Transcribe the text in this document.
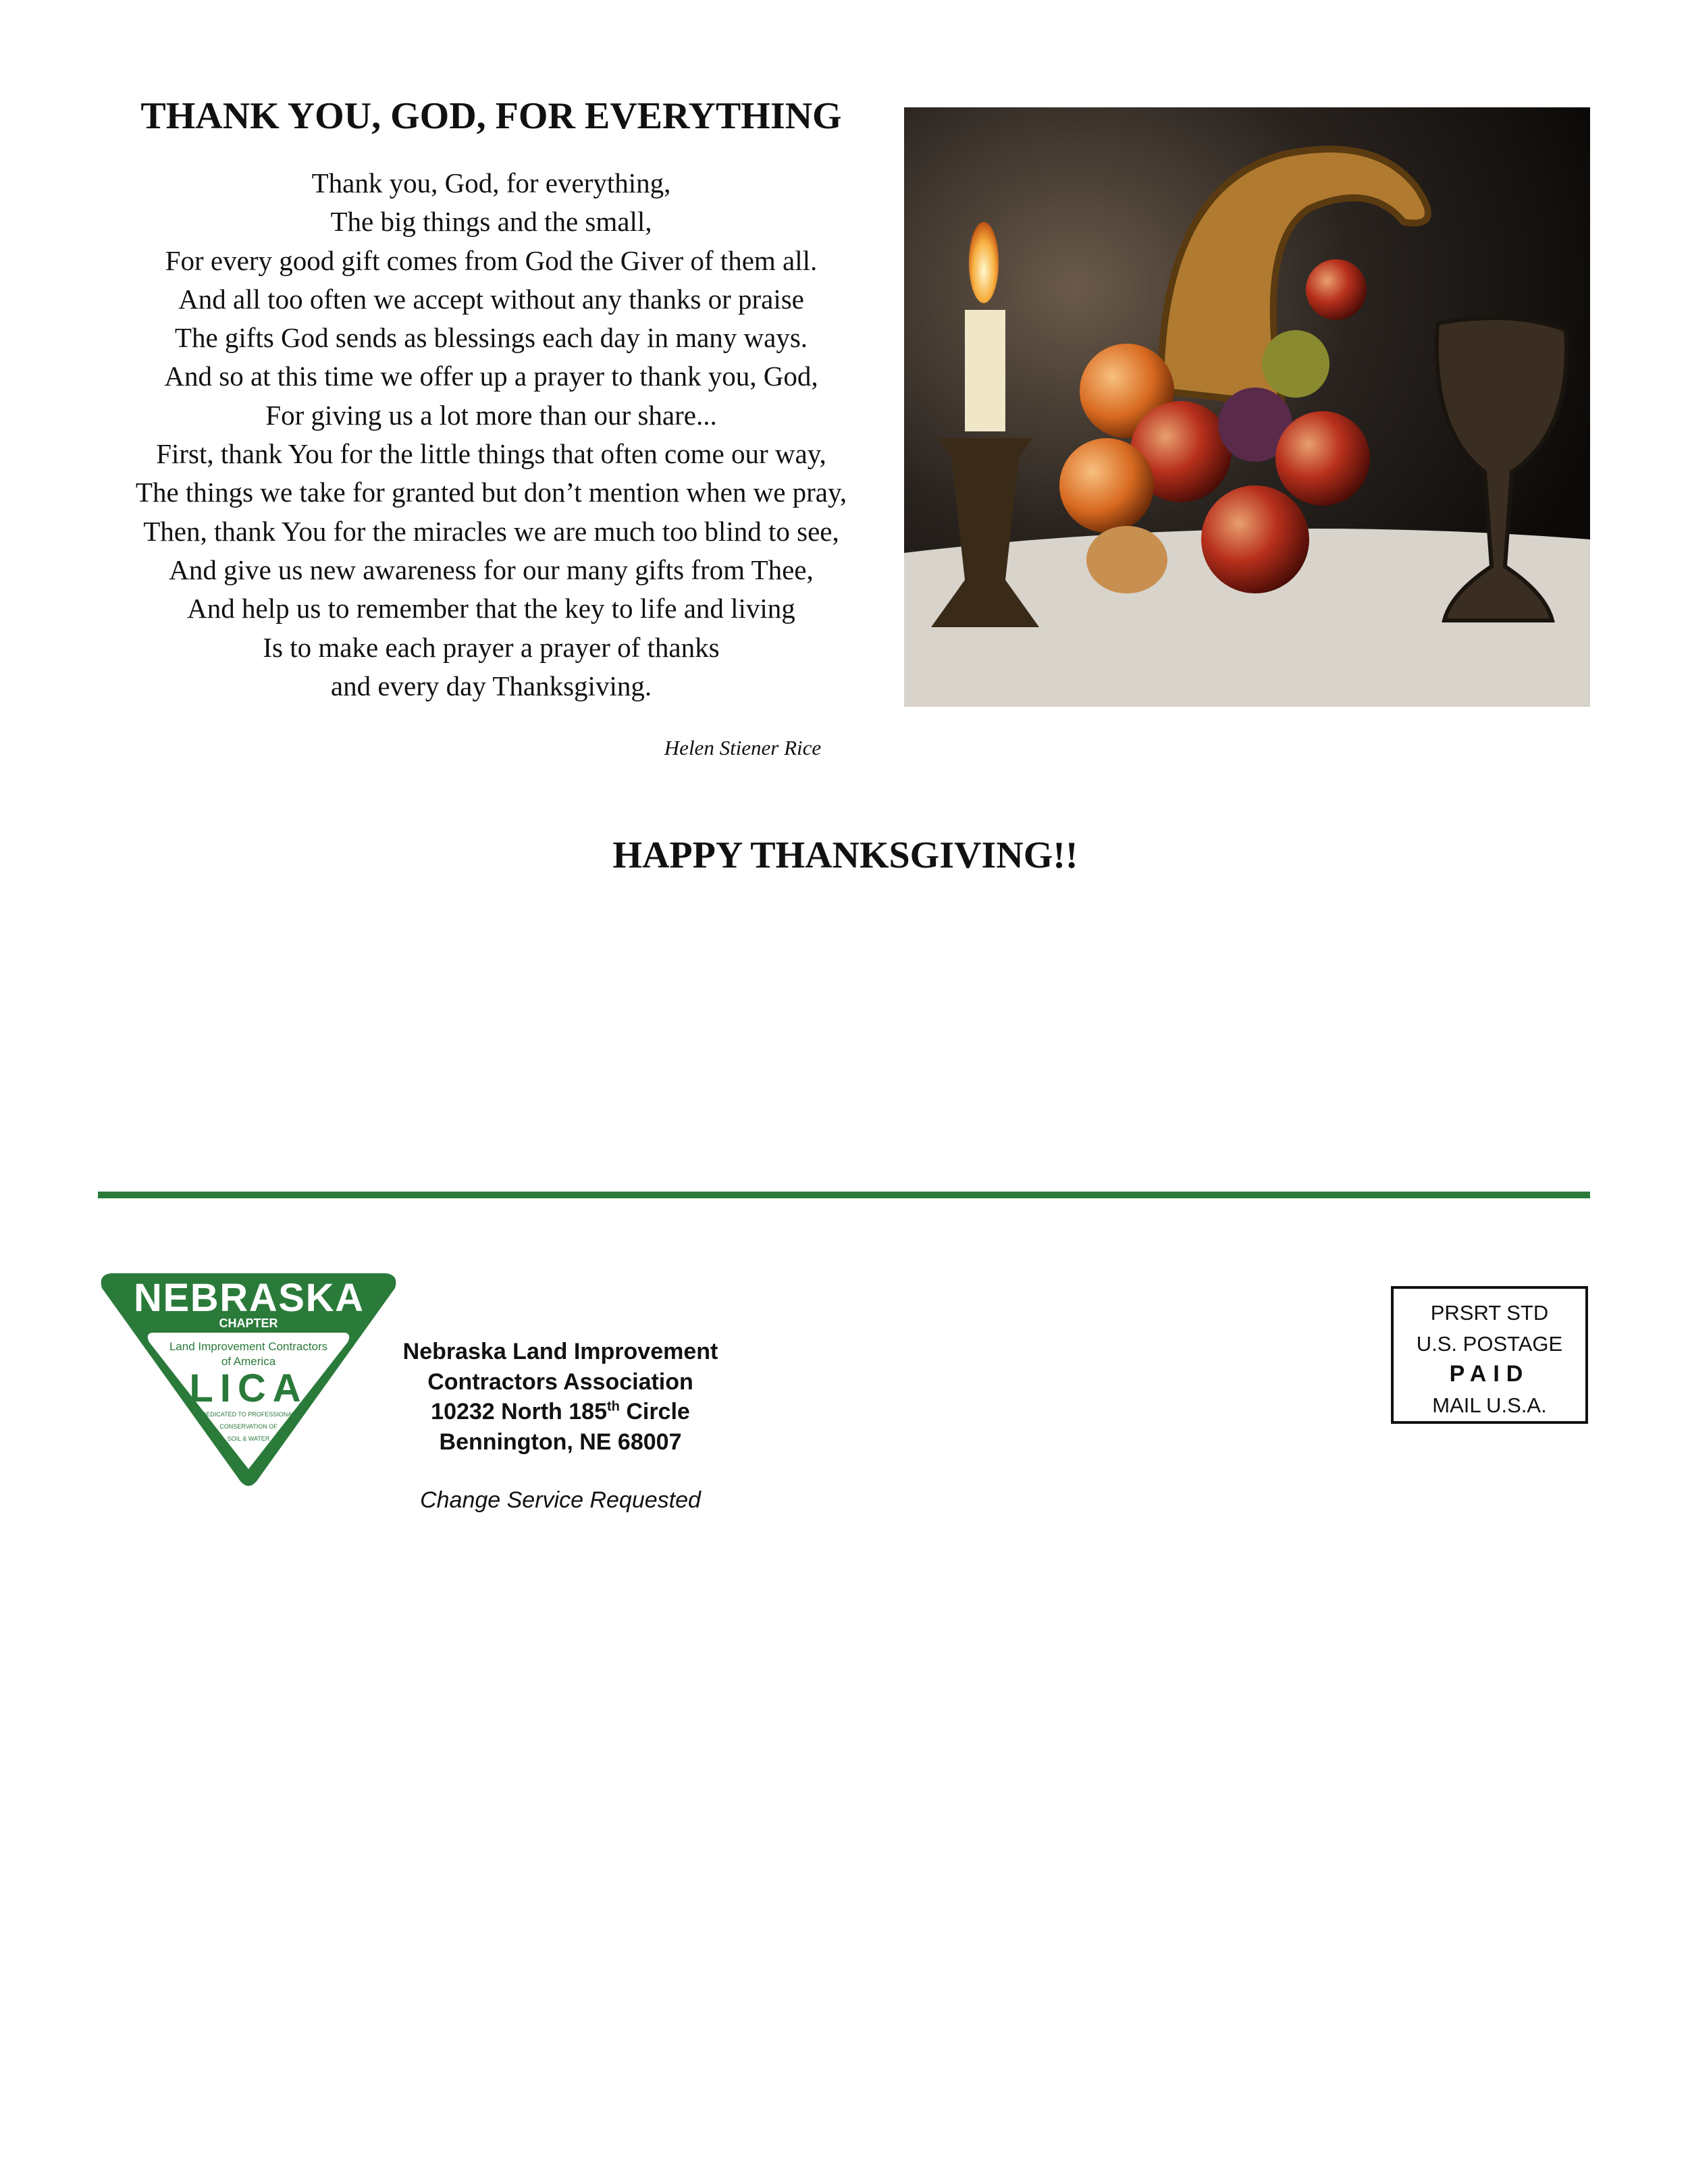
THANK YOU, GOD, FOR EVERYTHING
Thank you, God, for everything,
The big things and the small,
For every good gift comes from God the Giver of them all.
And all too often we accept without any thanks or praise
The gifts God sends as blessings each day in many ways.
And so at this time we offer up a prayer to thank you, God,
For giving us a lot more than our share...
First, thank You for the little things that often come our way,
The things we take for granted but don’t mention when we pray,
Then, thank You for the miracles we are much too blind to see,
And give us new awareness for our many gifts from Thee,
And help us to remember that the key to life and living
Is to make each prayer a prayer of thanks
and every day Thanksgiving.
Helen Stiener Rice
HAPPY THANKSGIVING!!
NEBRASKA
CHAPTER
Land Improvement Contractors
of America
LICA
DEDICATED TO PROFESSIONAL
CONSERVATION OF
SOIL & WATER
Nebraska Land Improvement
Contractors Association
10232 North 185th Circle
Bennington, NE 68007
Change Service Requested
PRSRT STD
U.S. POSTAGE
PAID
MAIL U.S.A.
